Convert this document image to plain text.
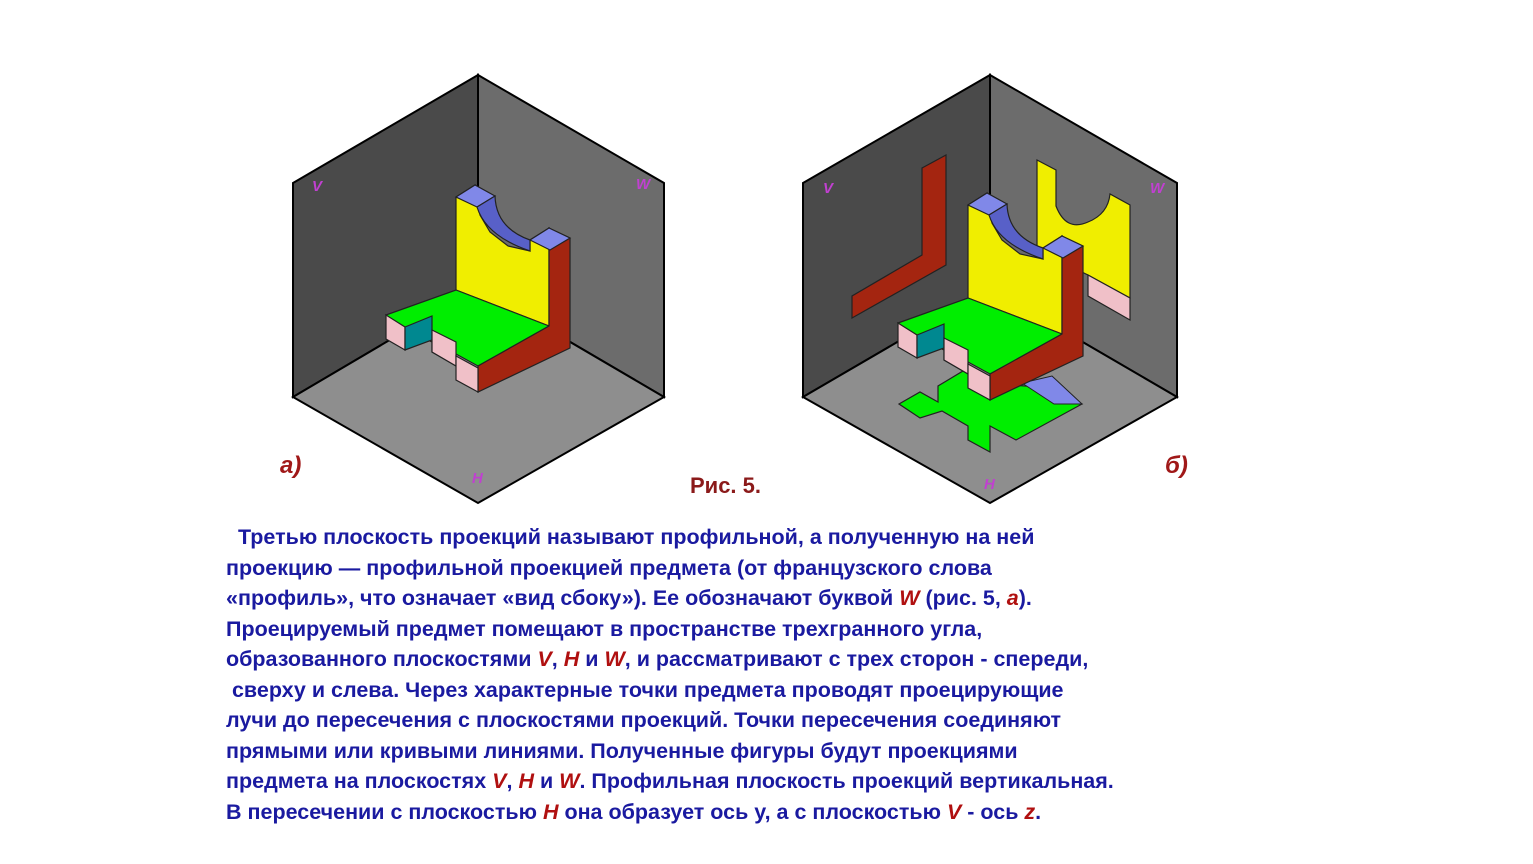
V	W
H
V	W
H
а)	б)
Рис. 5.
Третью плоскость проекций называют профильной, а полученную на ней
проекцию — профильной проекцией предмета (от французского слова
«профиль», что означает «вид сбоку»). Ее обозначают буквой W (рис. 5, а).
Проецируемый предмет помещают в пространстве трехгранного угла,
образованного плоскостями V, Н и W, и рассматривают с трех сторон - спереди,
сверху и слева. Через характерные точки предмета проводят проецирующие
лучи до пересечения с плоскостями проекций. Точки пересечения соединяют
прямыми или кривыми линиями. Полученные фигуры будут проекциями
предмета на плоскостях V, Н и W. Профильная плоскость проекций вертикальная.
В пересечении с плоскостью Н она образует ось у, а с плоскостью V - ось z.
